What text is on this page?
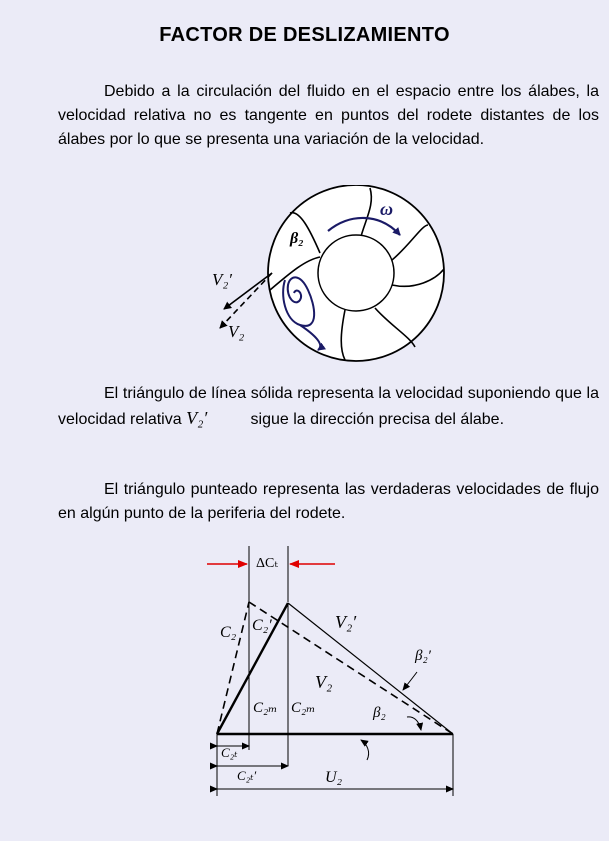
FACTOR DE DESLIZAMIENTO

Debido a la circulación del fluido en el espacio entre los álabes, la velocidad relativa no es tangente en puntos del rodete distantes de los álabes por lo que se presenta una variación de la velocidad.

ω
β₂
V₂′
V₂

El triángulo de línea sólida representa la velocidad suponiendo que la velocidad relativa V₂′	sigue la dirección precisa del álabe.

El triángulo punteado representa las verdaderas velocidades de flujo en algún punto de la periferia del rodete.

ΔCₜ
C₂ C₂′	V₂′
β₂′
V₂
β₂
C₂ₘ C₂ₘ
C₂ₜ
C₂ₜ′	U₂
